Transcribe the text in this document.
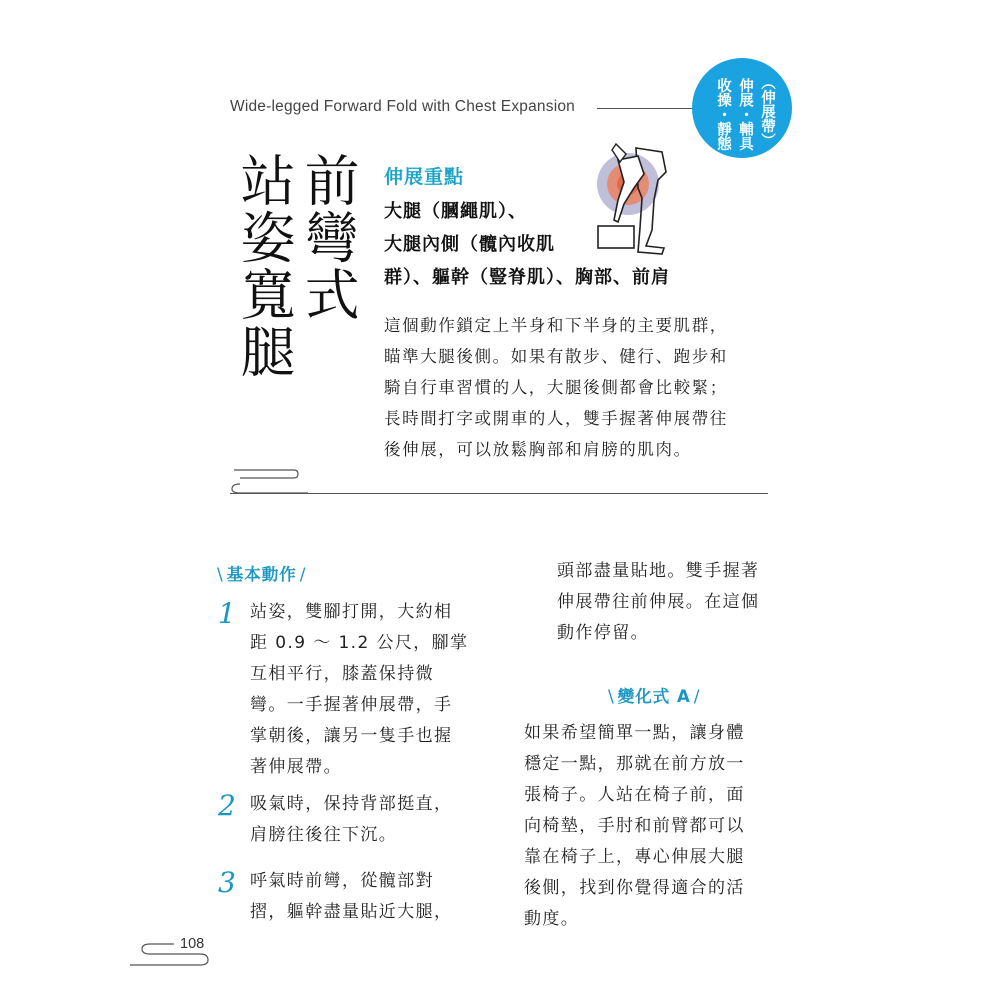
Wide-legged Forward Fold with Chest Expansion	（伸展帶）
伸展・輔具
收操・靜態
前彎式
站姿寬腿	伸展重點
大腿（膕繩肌）、
大腿內側（髖內收肌
群）、軀幹（豎脊肌）、胸部、前肩

這個動作鎖定上半身和下半身的主要肌群，

瞄準大腿後側。如果有散步、健行、跑步和

騎自行車習慣的人，大腿後側都會比較緊；

長時間打字或開車的人，雙手握著伸展帶往

後伸展，可以放鬆胸部和肩膀的肌肉。

\ 基本動作 /
1 站姿，雙腳打開，大約相

距 0.9 ～ 1.2 公尺，腳掌

互相平行，膝蓋保持微

彎。一手握著伸展帶，手

掌朝後，讓另一隻手也握

著伸展帶。

2 吸氣時，保持背部挺直，

肩膀往後往下沉。

3 呼氣時前彎，從髖部對

摺，軀幹盡量貼近大腿，

頭部盡量貼地。雙手握著

伸展帶往前伸展。在這個

動作停留。

\ 變化式 A /

如果希望簡單一點，讓身體

穩定一點，那就在前方放一

張椅子。人站在椅子前，面

向椅墊，手肘和前臂都可以

靠在椅子上，專心伸展大腿

後側，找到你覺得適合的活

動度。

108
